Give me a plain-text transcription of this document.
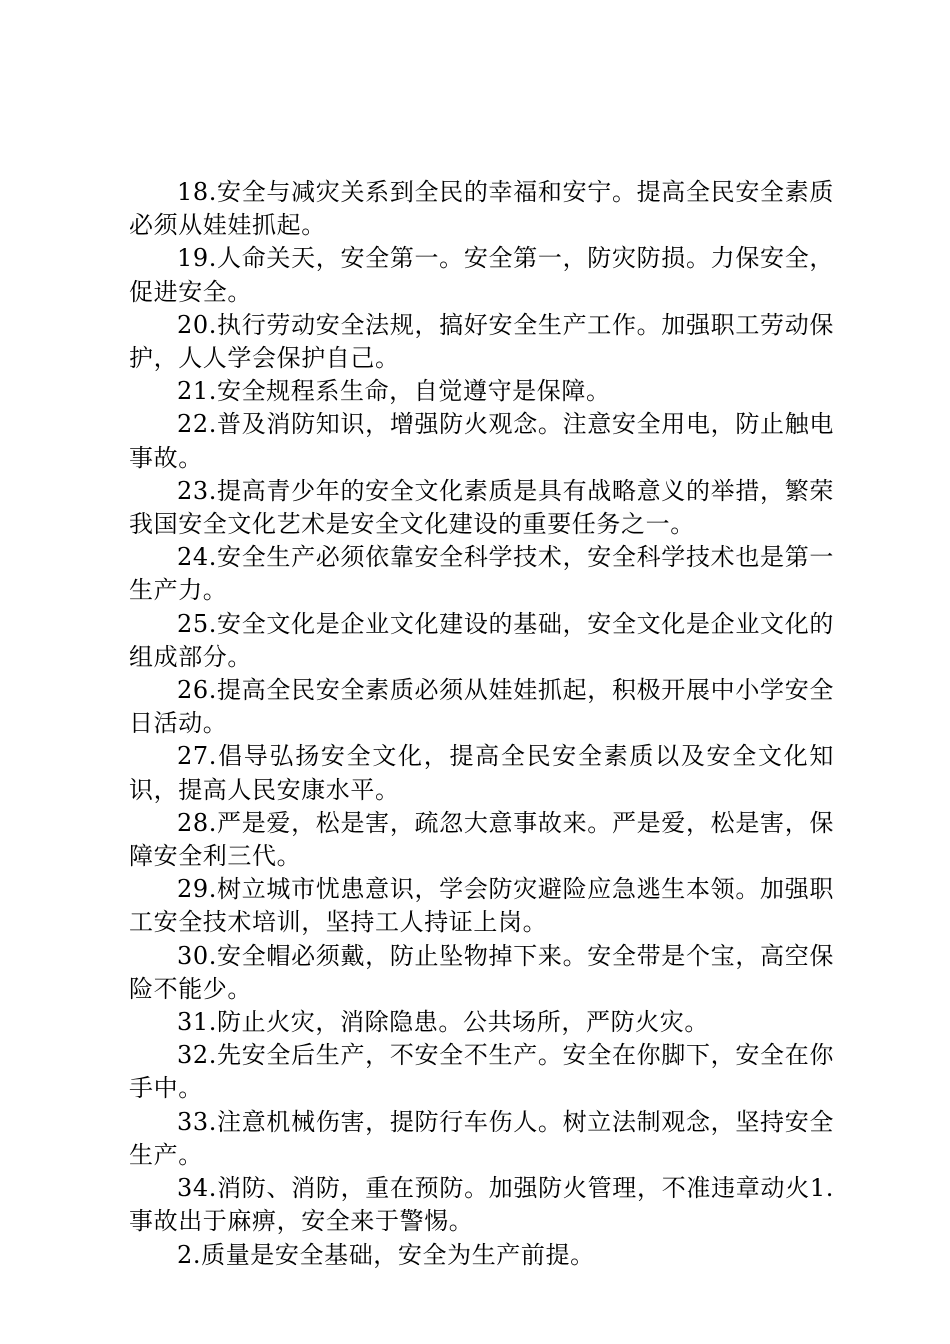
18.安全与减灾关系到全民的幸福和安宁。提高全民安全素质必须从娃娃抓起。

19.人命关天，安全第一。安全第一，防灾防损。力保安全，促进安全。

20.执行劳动安全法规，搞好安全生产工作。加强职工劳动保护，人人学会保护自己。

21.安全规程系生命，自觉遵守是保障。

22.普及消防知识，增强防火观念。注意安全用电，防止触电事故。

23.提高青少年的安全文化素质是具有战略意义的举措，繁荣我国安全文化艺术是安全文化建设的重要任务之一。

24.安全生产必须依靠安全科学技术，安全科学技术也是第一生产力。

25.安全文化是企业文化建设的基础，安全文化是企业文化的组成部分。

26.提高全民安全素质必须从娃娃抓起，积极开展中小学安全日活动。

27.倡导弘扬安全文化，提高全民安全素质以及安全文化知识，提高人民安康水平。

28.严是爱，松是害，疏忽大意事故来。严是爱，松是害，保障安全利三代。

29.树立城市忧患意识，学会防灾避险应急逃生本领。加强职工安全技术培训，坚持工人持证上岗。

30.安全帽必须戴，防止坠物掉下来。安全带是个宝，高空保险不能少。

31.防止火灾，消除隐患。公共场所，严防火灾。

32.先安全后生产，不安全不生产。安全在你脚下，安全在你手中。

33.注意机械伤害，提防行车伤人。树立法制观念，坚持安全生产。

34.消防、消防，重在预防。加强防火管理，不准违章动火1.事故出于麻痹，安全来于警惕。

2.质量是安全基础，安全为生产前提。
